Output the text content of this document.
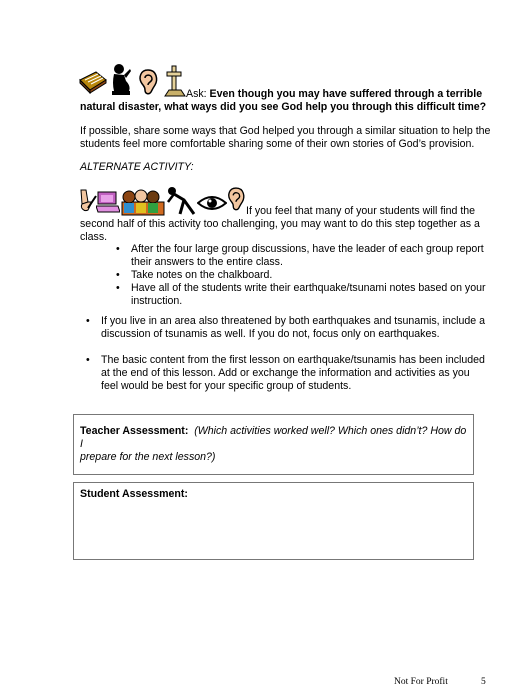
Ask: Even though you may have suffered through a terrible
natural disaster, what ways did you see God help you through this difficult time?
If possible, share some ways that God helped you through a similar situation to help the
students feel more comfortable sharing some of their own stories of God’s provision.
ALTERNATE ACTIVITY:
If you feel that many of your students will find the
second half of this activity too challenging, you may want to do this step together as a
class.
• After the four large group discussions, have the leader of each group report
their answers to the entire class.
• Take notes on the chalkboard.
• Have all of the students write their earthquake/tsunami notes based on your
instruction.
• If you live in an area also threatened by both earthquakes and tsunamis, include a
discussion of tsunamis as well. If you do not, focus only on earthquakes.
• The basic content from the first lesson on earthquake/tsunamis has been included
at the end of this lesson. Add or exchange the information and activities as you
feel would be best for your specific group of students.
Teacher Assessment: (Which activities worked well? Which ones didn’t? How do I
prepare for the next lesson?)
Student Assessment:
Not For Profit	5
